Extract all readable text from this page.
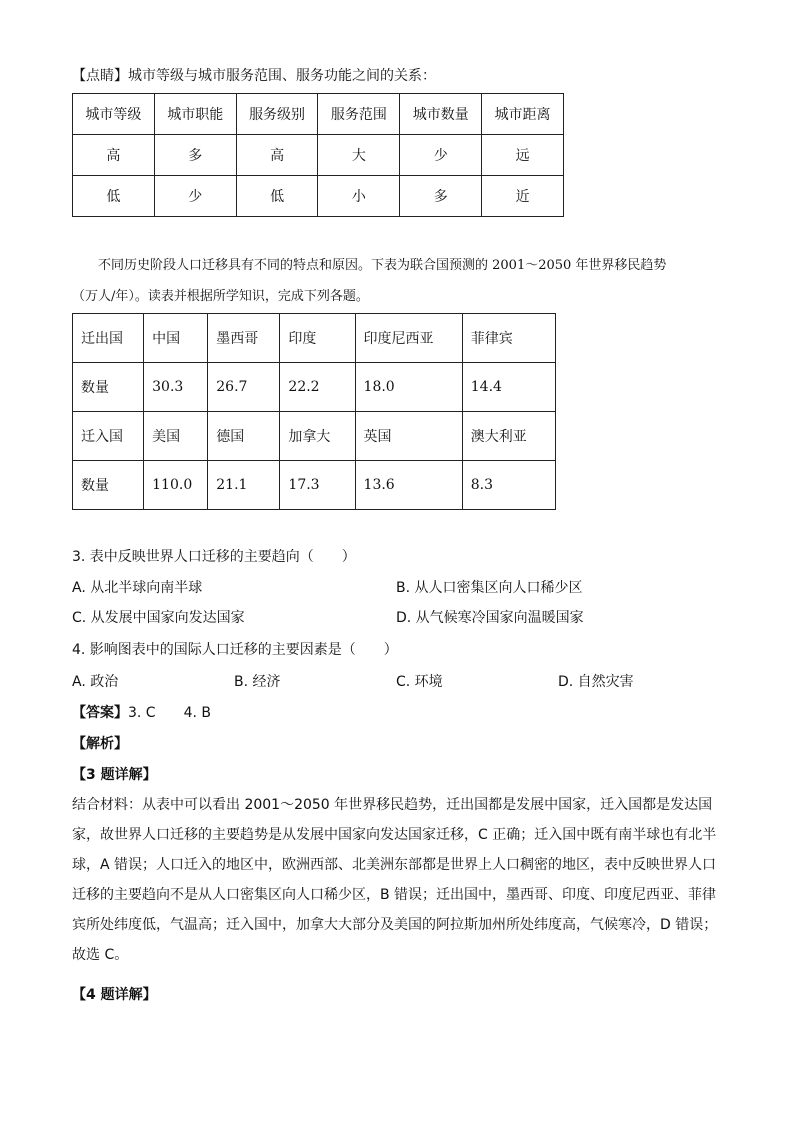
【点睛】城市等级与城市服务范围、服务功能之间的关系：
城市等级	城市职能	服务级别	服务范围	城市数量	城市距离
高	多	高	大	少	远
低	少	低	小	多	近
不同历史阶段人口迁移具有不同的特点和原因。下表为联合国预测的 2001～2050 年世界移民趋势
（万人/年）。读表并根据所学知识，完成下列各题。
迁出国	中国	墨西哥	印度	印度尼西亚	菲律宾
数量	30.3	26.7	22.2	18.0	14.4
迁入国	美国	德国	加拿大	英国	澳大利亚
数量	110.0	21.1	17.3	13.6	8.3
3. 表中反映世界人口迁移的主要趋向（　　）
A. 从北半球向南半球	B. 从人口密集区向人口稀少区
C. 从发展中国家向发达国家	D. 从气候寒冷国家向温暖国家
4. 影响图表中的国际人口迁移的主要因素是（　　）
A. 政治	B. 经济	C. 环境	D. 自然灾害
【答案】3. C　　4. B
【解析】
【3 题详解】
结合材料：从表中可以看出 2001～2050 年世界移民趋势，迁出国都是发展中国家，迁入国都是发达国家，故世界人口迁移的主要趋势是从发展中国家向发达国家迁移，C 正确；迁入国中既有南半球也有北半球，A 错误；人口迁入的地区中，欧洲西部、北美洲东部都是世界上人口稠密的地区，表中反映世界人口迁移的主要趋向不是从人口密集区向人口稀少区，B 错误；迁出国中，墨西哥、印度、印度尼西亚、菲律宾所处纬度低，气温高；迁入国中，加拿大大部分及美国的阿拉斯加州所处纬度高，气候寒冷，D 错误；故选 C。
【4 题详解】
